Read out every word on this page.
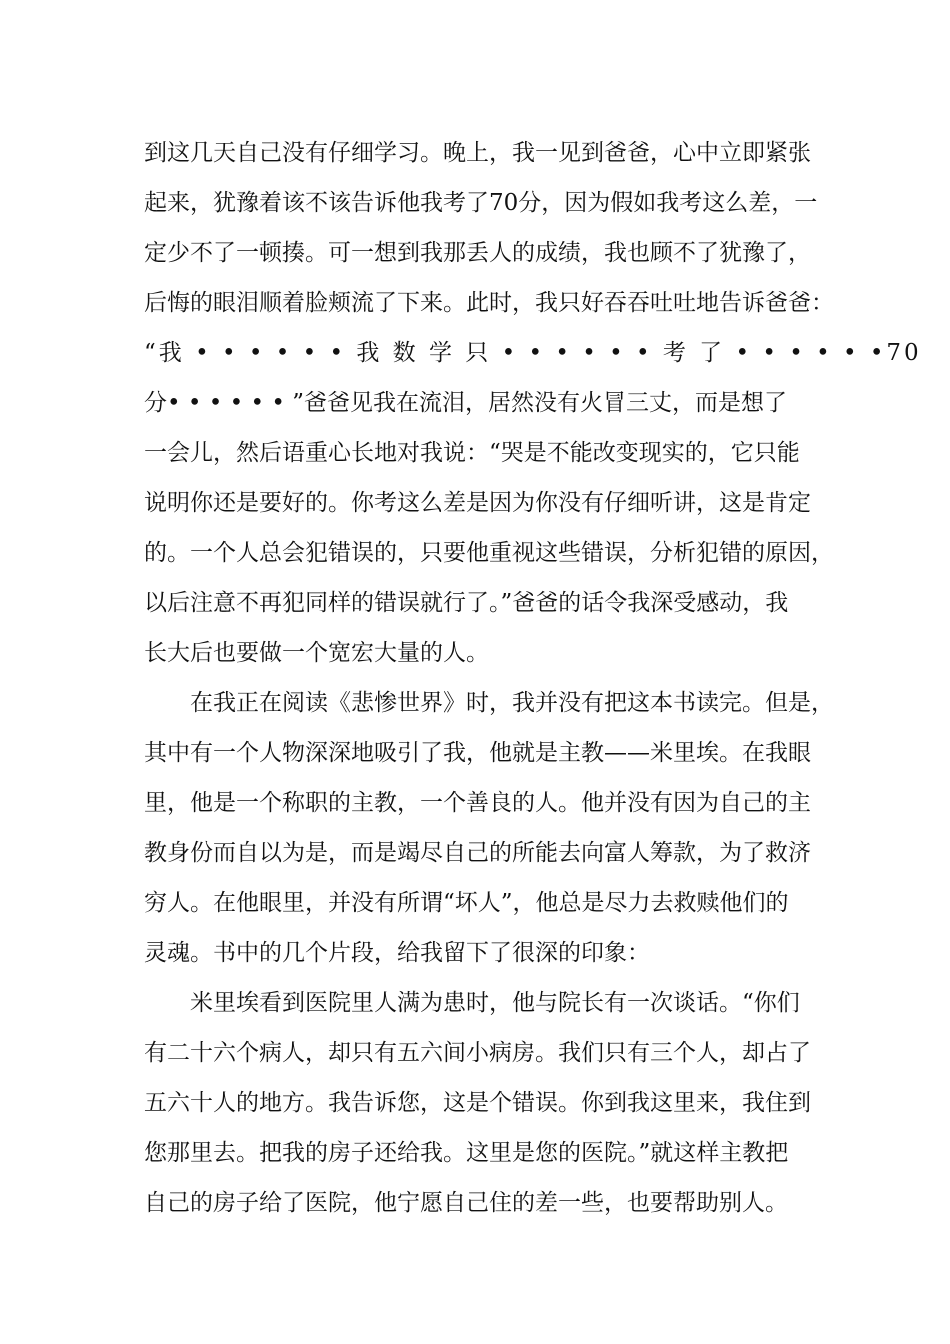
到这几天自己没有仔细学习。晚上，我一见到爸爸，心中立即紧张
起来，犹豫着该不该告诉他我考了70分，因为假如我考这么差，一
定少不了一顿揍。可一想到我那丢人的成绩，我也顾不了犹豫了，
后悔的眼泪顺着脸颊流了下来。此时，我只好吞吞吐吐地告诉爸爸：
“我 • • • • • • 我 数 学 只 • • • • • • 考 了 • • • • • •70
分• • • • • • ”爸爸见我在流泪，居然没有火冒三丈，而是想了
一会儿，然后语重心长地对我说：“哭是不能改变现实的，它只能
说明你还是要好的。你考这么差是因为你没有仔细听讲，这是肯定
的。一个人总会犯错误的，只要他重视这些错误，分析犯错的原因，
以后注意不再犯同样的错误就行了。”爸爸的话令我深受感动，我
长大后也要做一个宽宏大量的人。
在我正在阅读《悲惨世界》时，我并没有把这本书读完。但是，
其中有一个人物深深地吸引了我，他就是主教——米里埃。在我眼
里，他是一个称职的主教，一个善良的人。他并没有因为自己的主
教身份而自以为是，而是竭尽自己的所能去向富人筹款，为了救济
穷人。在他眼里，并没有所谓“坏人”，他总是尽力去救赎他们的
灵魂。书中的几个片段，给我留下了很深的印象：
米里埃看到医院里人满为患时，他与院长有一次谈话。“你们
有二十六个病人，却只有五六间小病房。我们只有三个人，却占了
五六十人的地方。我告诉您，这是个错误。你到我这里来，我住到
您那里去。把我的房子还给我。这里是您的医院。”就这样主教把
自己的房子给了医院，他宁愿自己住的差一些，也要帮助别人。
